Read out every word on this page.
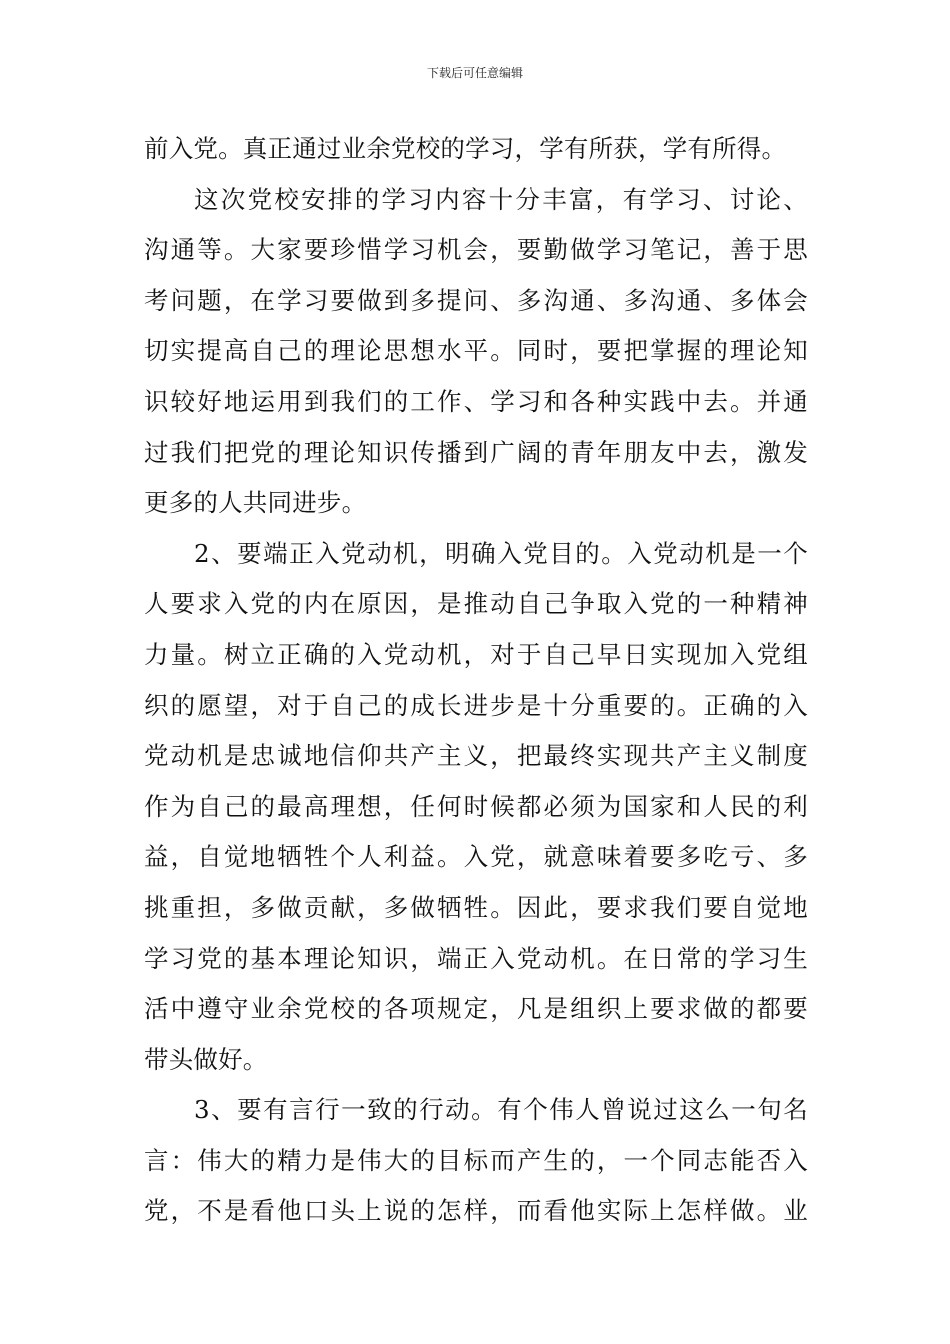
下载后可任意编辑
前入党。真正通过业余党校的学习，学有所获，学有所得。
这次党校安排的学习内容十分丰富，有学习、讨论、
沟通等。大家要珍惜学习机会，要勤做学习笔记，善于思
考问题，在学习要做到多提问、多沟通、多沟通、多体会
切实提高自己的理论思想水平。同时，要把掌握的理论知
识较好地运用到我们的工作、学习和各种实践中去。并通
过我们把党的理论知识传播到广阔的青年朋友中去，激发
更多的人共同进步。
2、要端正入党动机，明确入党目的。入党动机是一个
人要求入党的内在原因，是推动自己争取入党的一种精神
力量。树立正确的入党动机，对于自己早日实现加入党组
织的愿望，对于自己的成长进步是十分重要的。正确的入
党动机是忠诚地信仰共产主义，把最终实现共产主义制度
作为自己的最高理想，任何时候都必须为国家和人民的利
益，自觉地牺牲个人利益。入党，就意味着要多吃亏、多
挑重担，多做贡献，多做牺牲。因此，要求我们要自觉地
学习党的基本理论知识，端正入党动机。在日常的学习生
活中遵守业余党校的各项规定，凡是组织上要求做的都要
带头做好。
3、要有言行一致的行动。有个伟人曾说过这么一句名
言：伟大的精力是伟大的目标而产生的，一个同志能否入
党，不是看他口头上说的怎样，而看他实际上怎样做。业
